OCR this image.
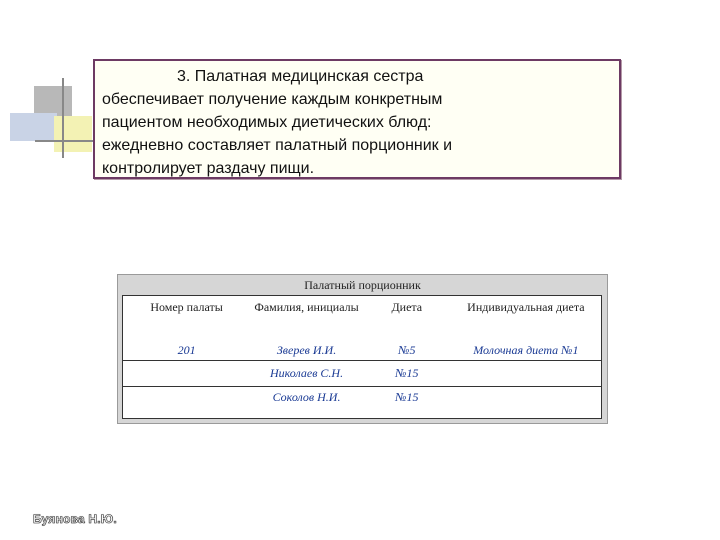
3. Палатная медицинская сестра

обеспечивает получение каждым конкретным

пациентом необходимых диетических блюд:

ежедневно составляет палатный порционник и

контролирует раздачу пищи.

Палатный порционник
Номер палаты	Фамилия, инициалы	Диета	Индивидуальная диета
201	Зверев И.И.	№5	Молочная диета №1
	Николаев С.Н.	№15	
	Соколов Н.И.	№15	
Буянова Н.Ю.
